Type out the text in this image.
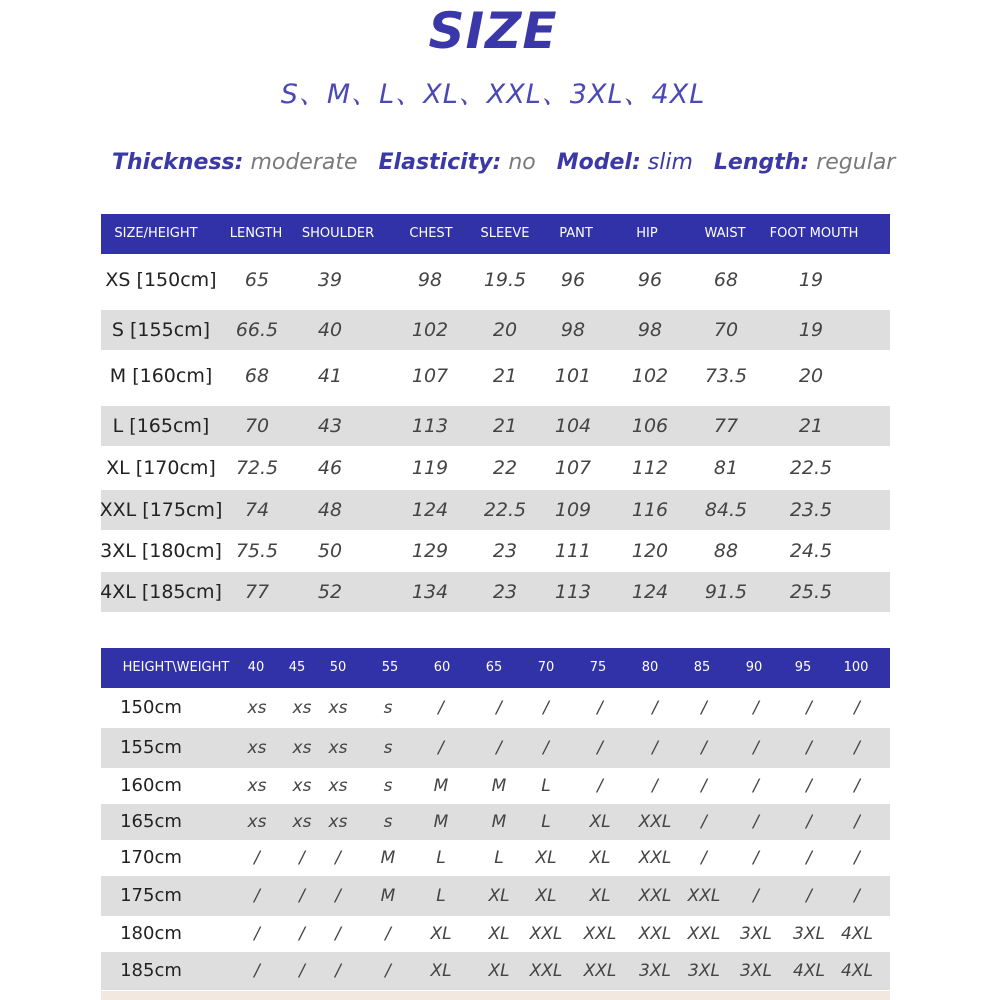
SIZE
S、M、L、XL、XXL、3XL、4XL
Thickness: moderate Elasticity: no Model: slim Length: regular
SIZE/HEIGHT LENGTH SHOULDER	CHEST SLEEVE PANT	HIP	WAIST FOOT MOUTH
XS [150cm] 65	39	98 19.5 96	96	68	19
S [155cm] 66.5 40	102 20 98	98	70	19
M [160cm] 68	41	107 21 101 102 73.5	20
L [165cm] 70	43	113 21 104 106 77	21
XL [170cm] 72.5 46	119 22 107 112 81	22.5
XXL [175cm] 74	48	124 22.5 109 116 84.5 23.5
3XL [180cm] 75.5 50	129 23 111 120 88	24.5
4XL [185cm] 77	52	134 23 113 124 91.5 25.5
HEIGHT\WEIGHT 40 45 50	55	60	65	70	75	80	85	90 95 100
150cm	xs xs xs s	/	/ /	/	/	/	/	/ /
155cm	xs xs xs s	/	/ /	/	/	/	/	/ /
160cm	xs xs xs s M	M L	/	/	/	/	/ /
165cm	xs xs xs s M	M L XL XXL /	/	/ /
170cm	/ / / M L	L XL XL XXL /	/	/ /
175cm	/ / / M L	XL XL XL XXL XXL /	/ /
180cm	/ / /	/ XL XL XXL XXL XXL XXL 3XL 3XL 4XL
185cm	/ / /	/ XL XL XXL XXL 3XL 3XL 3XL 4XL 4XL
